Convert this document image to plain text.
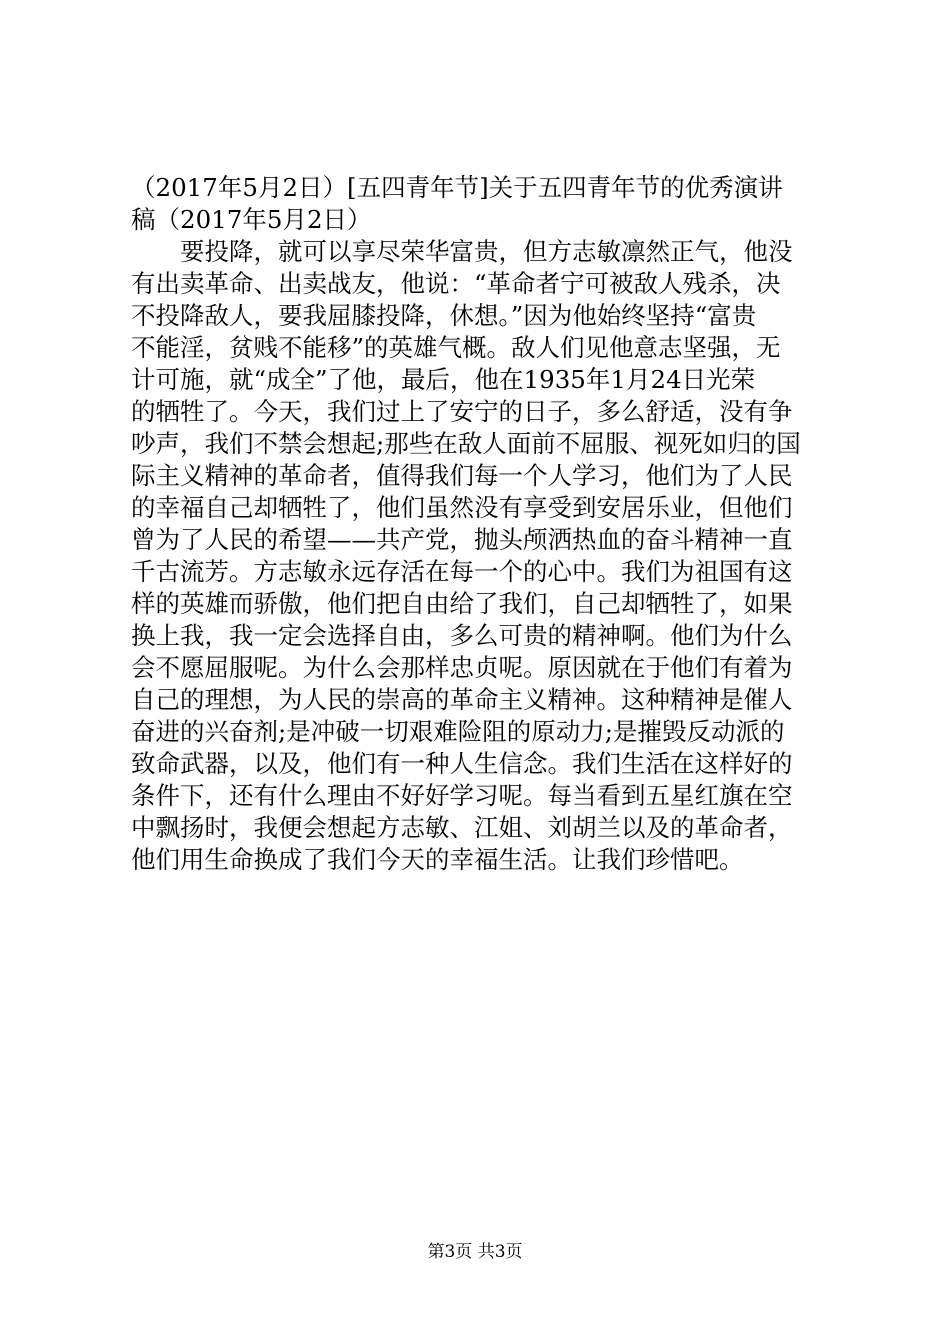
（2017年5月2日）[五四青年节]关于五四青年节的优秀演讲
稿（2017年5月2日）
　　要投降，就可以享尽荣华富贵，但方志敏凛然正气，他没
有出卖革命、出卖战友，他说：“革命者宁可被敌人残杀，决
不投降敌人，要我屈膝投降，休想。”因为他始终坚持“富贵
不能淫，贫贱不能移”的英雄气概。敌人们见他意志坚强，无
计可施，就“成全”了他，最后，他在1935年1月24日光荣
的牺牲了。今天，我们过上了安宁的日子，多么舒适，没有争
吵声，我们不禁会想起;那些在敌人面前不屈服、视死如归的国
际主义精神的革命者，值得我们每一个人学习，他们为了人民
的幸福自己却牺牲了，他们虽然没有享受到安居乐业，但他们
曾为了人民的希望——共产党，抛头颅洒热血的奋斗精神一直
千古流芳。方志敏永远存活在每一个的心中。我们为祖国有这
样的英雄而骄傲，他们把自由给了我们，自己却牺牲了，如果
换上我，我一定会选择自由，多么可贵的精神啊。他们为什么
会不愿屈服呢。为什么会那样忠贞呢。原因就在于他们有着为
自己的理想，为人民的崇高的革命主义精神。这种精神是催人
奋进的兴奋剂;是冲破一切艰难险阻的原动力;是摧毁反动派的
致命武器，以及，他们有一种人生信念。我们生活在这样好的
条件下，还有什么理由不好好学习呢。每当看到五星红旗在空
中飘扬时，我便会想起方志敏、江姐、刘胡兰以及的革命者，
他们用生命换成了我们今天的幸福生活。让我们珍惜吧。
第3页 共3页
